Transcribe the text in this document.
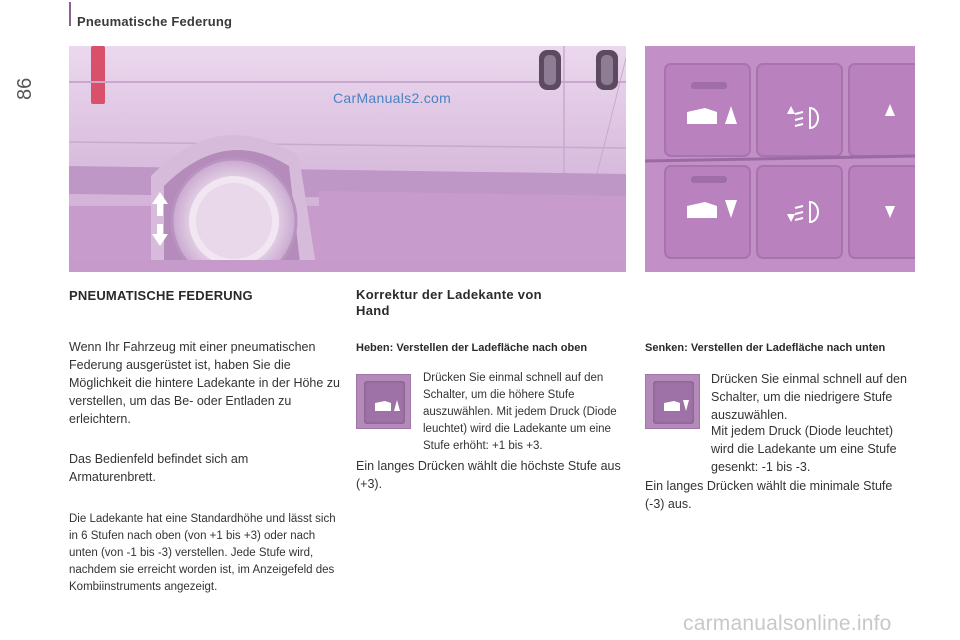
86
Pneumatische Federung
CarManuals2.com
PNEUMATISCHE FEDERUNG
Wenn Ihr Fahrzeug mit einer pneumatischen Federung ausgerüstet ist, haben Sie die Möglichkeit die hintere Ladekante in der Höhe zu verstellen, um das Be- oder Entladen zu erleichtern.
Das Bedienfeld befindet sich am Armaturenbrett.
Die Ladekante hat eine Standardhöhe und lässt sich in 6 Stufen nach oben (von +1 bis +3) oder nach unten (von -1 bis -3) verstellen. Jede Stufe wird, nachdem sie erreicht worden ist, im Anzeigefeld des Kombiinstruments angezeigt.
Korrektur der Ladekante von Hand
Heben: Verstellen der Ladefläche nach oben
Drücken Sie einmal schnell auf den Schalter, um die höhere Stufe auszuwählen. Mit jedem Druck (Diode leuchtet) wird die Ladekante um eine Stufe erhöht: +1 bis +3.
Ein langes Drücken wählt die höchste Stufe aus (+3).
Senken: Verstellen der Ladefläche nach unten
Drücken Sie einmal schnell auf den Schalter, um die niedrigere Stufe auszuwählen.
Mit jedem Druck (Diode leuchtet) wird die Ladekante um eine Stufe gesenkt: -1 bis -3.
Ein langes Drücken wählt die minimale Stufe (-3) aus.
carmanualsonline.info
